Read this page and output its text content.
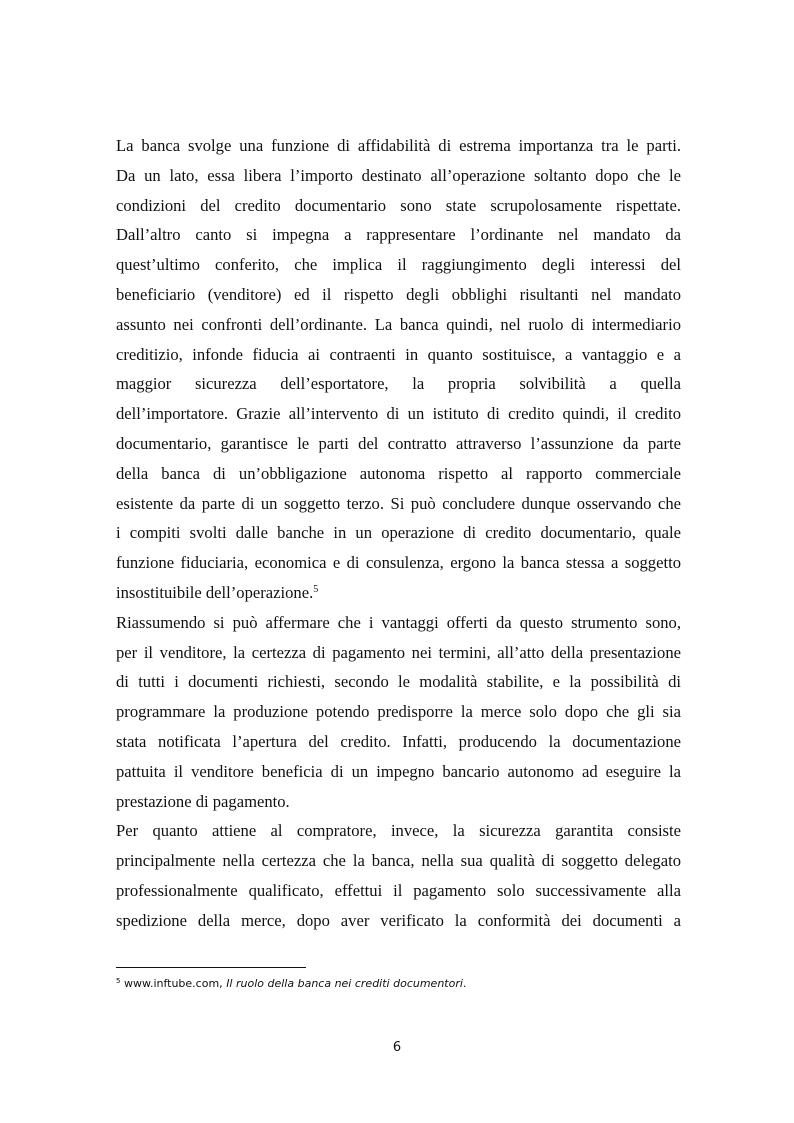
La banca svolge una funzione di affidabilità di estrema importanza tra le parti.
Da un lato, essa libera l’importo destinato all’operazione soltanto dopo che le
condizioni del credito documentario sono state scrupolosamente rispettate.
Dall’altro canto si impegna a rappresentare l’ordinante nel mandato da
quest’ultimo conferito, che implica il raggiungimento degli interessi del
beneficiario (venditore) ed il rispetto degli obblighi risultanti nel mandato
assunto nei confronti dell’ordinante. La banca quindi, nel ruolo di intermediario
creditizio, infonde fiducia ai contraenti in quanto sostituisce, a vantaggio e a
maggior sicurezza dell’esportatore, la propria solvibilità a quella
dell’importatore. Grazie all’intervento di un istituto di credito quindi, il credito
documentario, garantisce le parti del contratto attraverso l’assunzione da parte
della banca di un’obbligazione autonoma rispetto al rapporto commerciale
esistente da parte di un soggetto terzo. Si può concludere dunque osservando che
i compiti svolti dalle banche in un operazione di credito documentario, quale
funzione fiduciaria, economica e di consulenza, ergono la banca stessa a soggetto
insostituibile dell’operazione.$^5$
Riassumendo si può affermare che i vantaggi offerti da questo strumento sono,
per il venditore, la certezza di pagamento nei termini, all’atto della presentazione
di tutti i documenti richiesti, secondo le modalità stabilite, e la possibilità di
programmare la produzione potendo predisporre la merce solo dopo che gli sia
stata notificata l’apertura del credito. Infatti, producendo la documentazione
pattuita il venditore beneficia di un impegno bancario autonomo ad eseguire la
prestazione di pagamento.
Per quanto attiene al compratore, invece, la sicurezza garantita consiste
principalmente nella certezza che la banca, nella sua qualità di soggetto delegato
professionalmente qualificato, effettui il pagamento solo successivamente alla
spedizione della merce, dopo aver verificato la conformità dei documenti a
$^5$ www.inftube.com, Il ruolo della banca nei crediti documentori.
6
